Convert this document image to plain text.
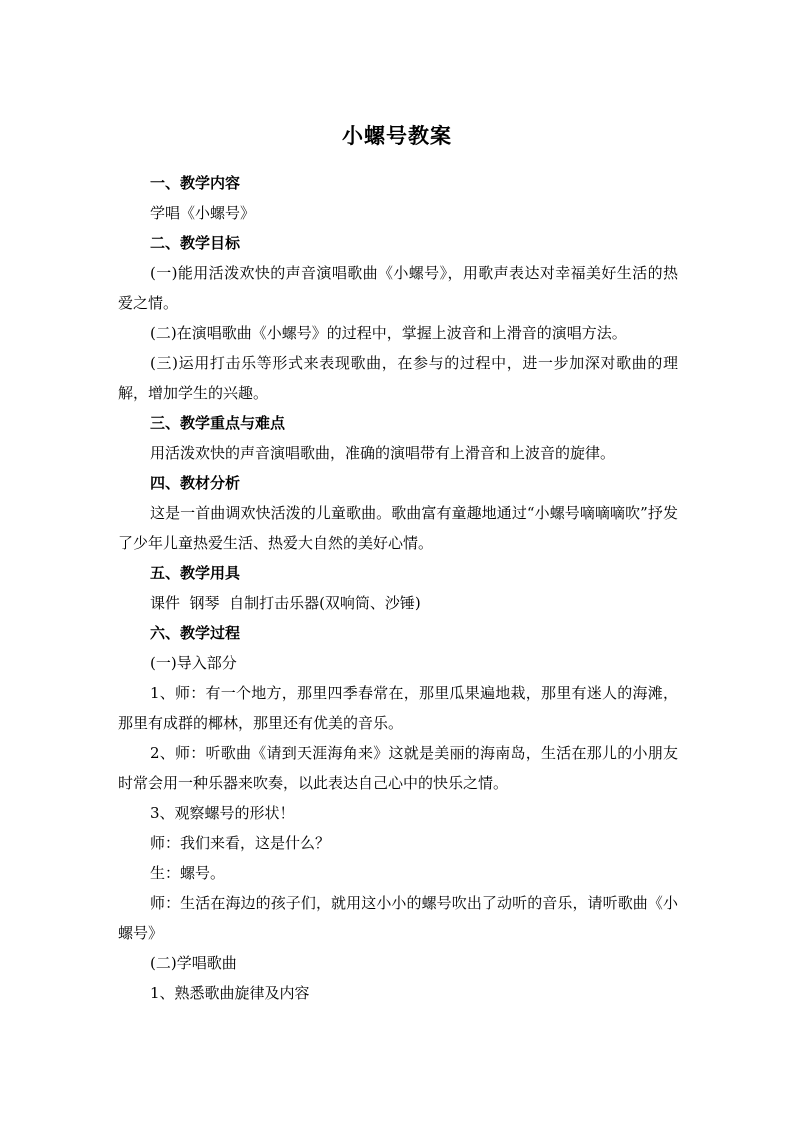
小螺号教案

一、教学内容

学唱《小螺号》

二、教学目标

(一)能用活泼欢快的声音演唱歌曲《小螺号》，用歌声表达对幸福美好生活的热爱之情。

(二)在演唱歌曲《小螺号》的过程中，掌握上波音和上滑音的演唱方法。

(三)运用打击乐等形式来表现歌曲，在参与的过程中，进一步加深对歌曲的理解，增加学生的兴趣。

三、教学重点与难点

用活泼欢快的声音演唱歌曲，准确的演唱带有上滑音和上波音的旋律。

四、教材分析

这是一首曲调欢快活泼的儿童歌曲。歌曲富有童趣地通过“小螺号嘀嘀嘀吹”抒发了少年儿童热爱生活、热爱大自然的美好心情。

五、教学用具

课件  钢琴  自制打击乐器(双响筒、沙锤)

六、教学过程

(一)导入部分

1、师：有一个地方，那里四季春常在，那里瓜果遍地栽，那里有迷人的海滩，那里有成群的椰林，那里还有优美的音乐。

2、师：听歌曲《请到天涯海角来》这就是美丽的海南岛，生活在那儿的小朋友时常会用一种乐器来吹奏，以此表达自己心中的快乐之情。

3、观察螺号的形状！

师：我们来看，这是什么？

生：螺号。

师：生活在海边的孩子们，就用这小小的螺号吹出了动听的音乐，请听歌曲《小螺号》

(二)学唱歌曲

1、熟悉歌曲旋律及内容
